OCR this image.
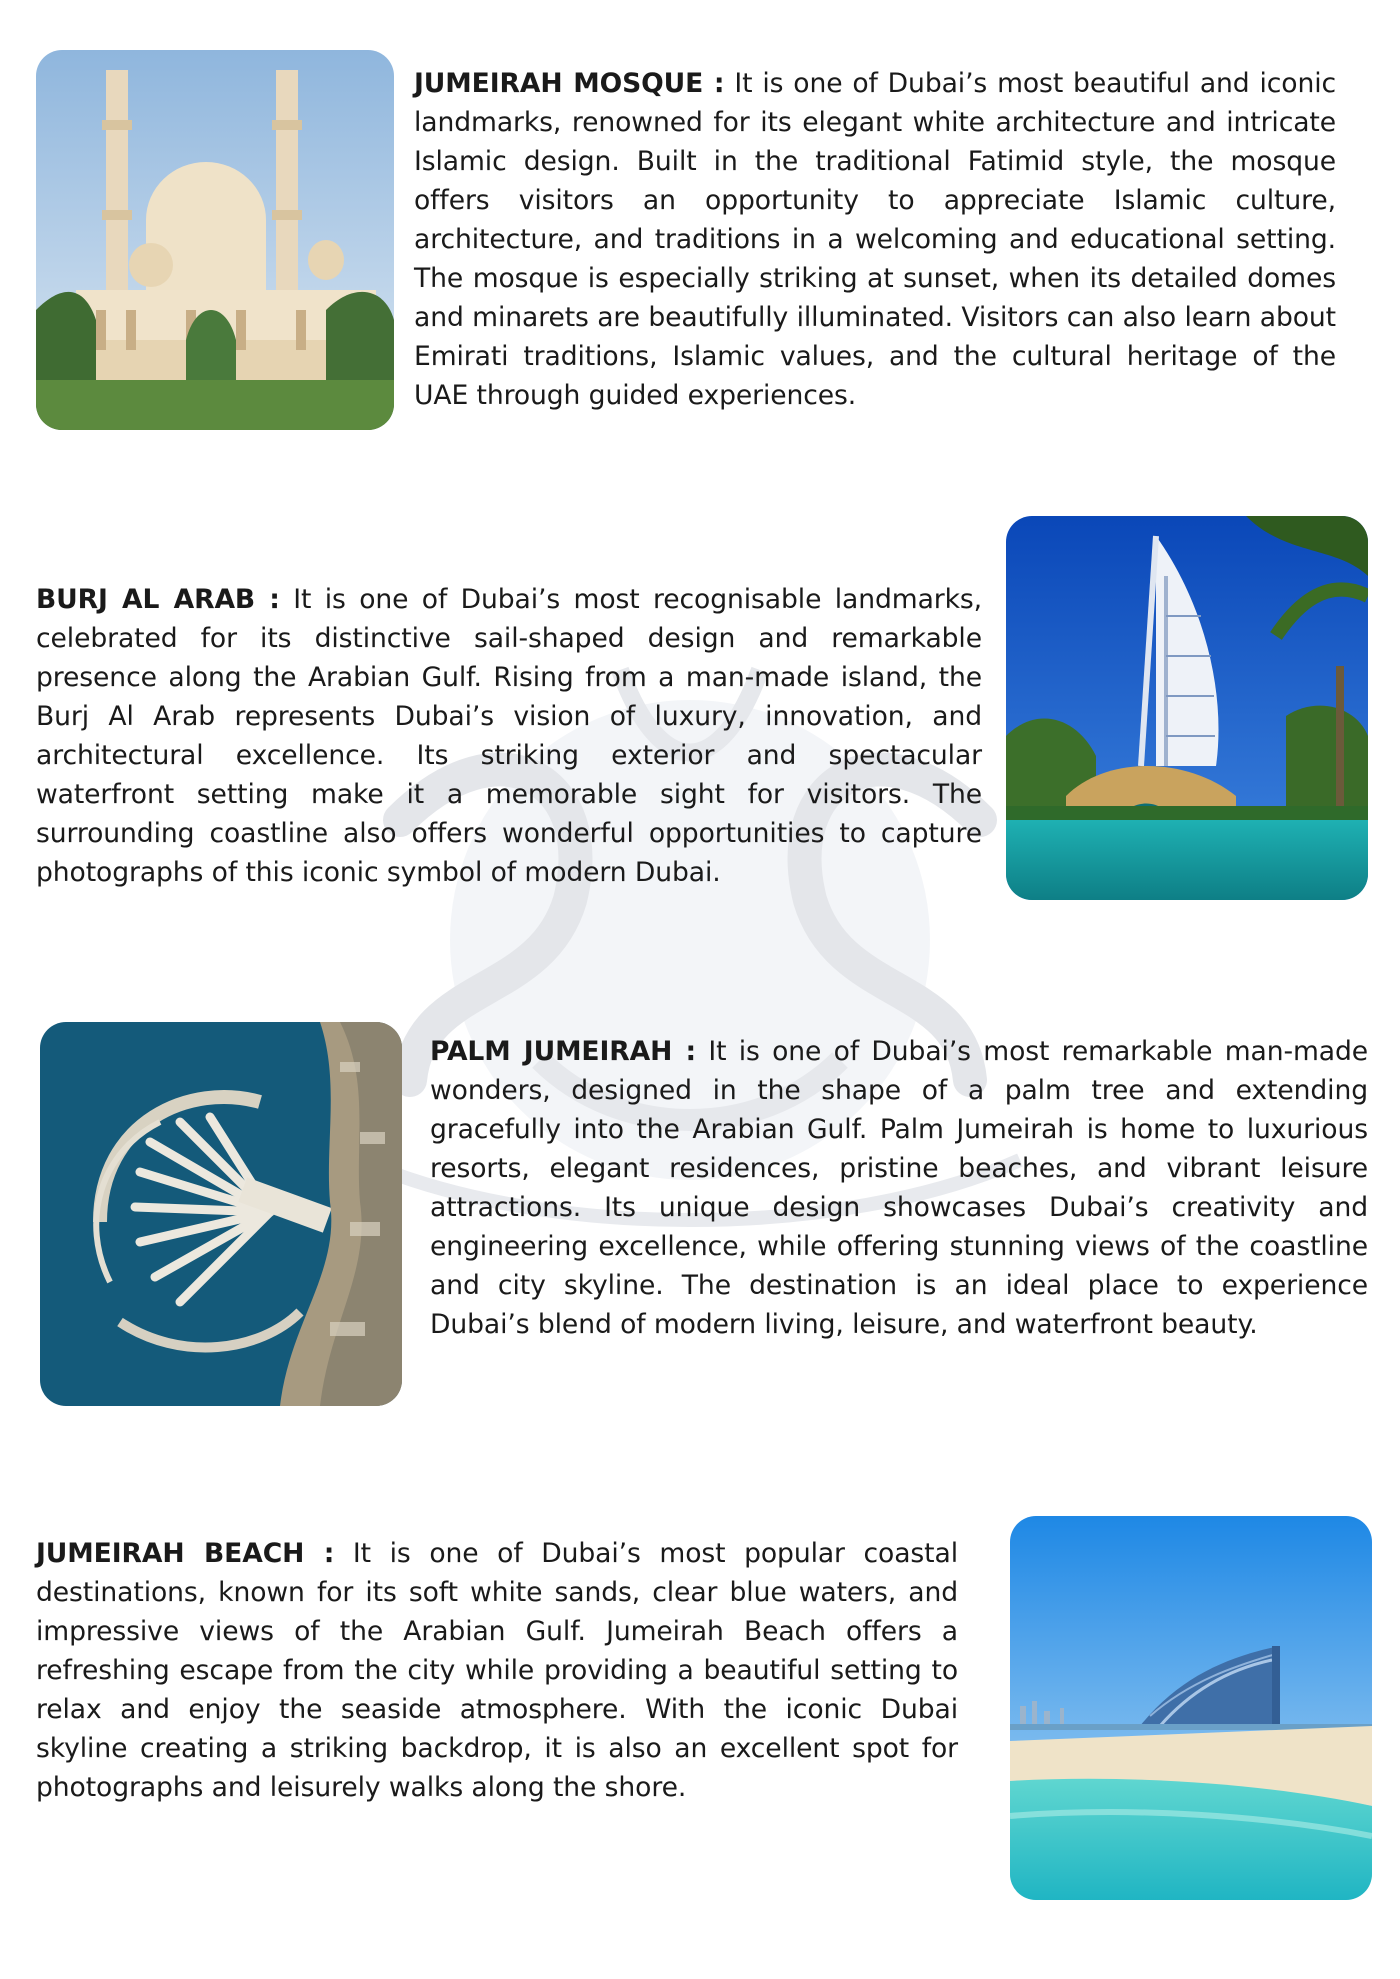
JUMEIRAH MOSQUE : It is one of Dubai’s most beautiful and iconic landmarks, renowned for its elegant white architecture and intricate Islamic design. Built in the traditional Fatimid style, the mosque offers visitors an opportunity to appreciate Islamic culture, architecture, and traditions in a welcoming and educational setting. The mosque is especially striking at sunset, when its detailed domes and minarets are beautifully illuminated. Visitors can also learn about Emirati traditions, Islamic values, and the cultural heritage of the UAE through guided experiences.
BURJ AL ARAB : It is one of Dubai’s most recognisable landmarks, celebrated for its distinctive sail-shaped design and remarkable presence along the Arabian Gulf. Rising from a man-made island, the Burj Al Arab represents Dubai’s vision of luxury, innovation, and architectural excellence. Its striking exterior and spectacular waterfront setting make it a memorable sight for visitors. The surrounding coastline also offers wonderful opportunities to capture photographs of this iconic symbol of modern Dubai.
PALM JUMEIRAH : It is one of Dubai’s most remarkable man-made wonders, designed in the shape of a palm tree and extending gracefully into the Arabian Gulf. Palm Jumeirah is home to luxurious resorts, elegant residences, pristine beaches, and vibrant leisure attractions. Its unique design showcases Dubai’s creativity and engineering excellence, while offering stunning views of the coastline and city skyline. The destination is an ideal place to experience Dubai’s blend of modern living, leisure, and waterfront beauty.
JUMEIRAH BEACH : It is one of Dubai’s most popular coastal destinations, known for its soft white sands, clear blue waters, and impressive views of the Arabian Gulf. Jumeirah Beach offers a refreshing escape from the city while providing a beautiful setting to relax and enjoy the seaside atmosphere. With the iconic Dubai skyline creating a striking backdrop, it is also an excellent spot for photographs and leisurely walks along the shore.
